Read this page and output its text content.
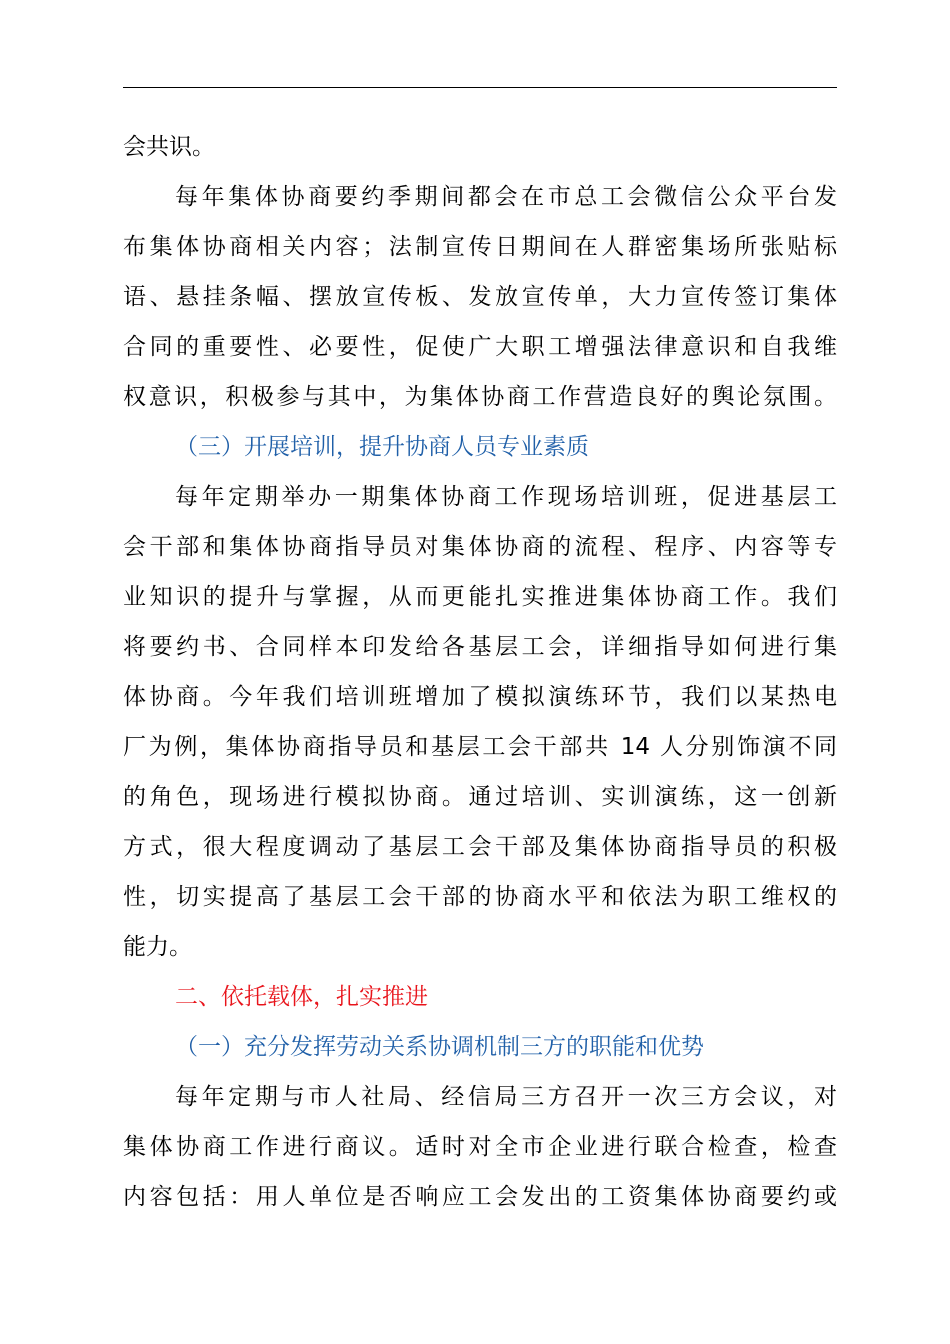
会共识。
每年集体协商要约季期间都会在市总工会微信公众平台发
布集体协商相关内容；法制宣传日期间在人群密集场所张贴标
语、悬挂条幅、摆放宣传板、发放宣传单，大力宣传签订集体
合同的重要性、必要性，促使广大职工增强法律意识和自我维
权意识，积极参与其中，为集体协商工作营造良好的舆论氛围。
（三）开展培训，提升协商人员专业素质
每年定期举办一期集体协商工作现场培训班，促进基层工
会干部和集体协商指导员对集体协商的流程、程序、内容等专
业知识的提升与掌握，从而更能扎实推进集体协商工作。我们
将要约书、合同样本印发给各基层工会，详细指导如何进行集
体协商。今年我们培训班增加了模拟演练环节，我们以某热电
厂为例，集体协商指导员和基层工会干部共 14 人分别饰演不同
的角色，现场进行模拟协商。通过培训、实训演练，这一创新
方式，很大程度调动了基层工会干部及集体协商指导员的积极
性，切实提高了基层工会干部的协商水平和依法为职工维权的
能力。
二、依托载体，扎实推进
（一）充分发挥劳动关系协调机制三方的职能和优势
每年定期与市人社局、经信局三方召开一次三方会议，对
集体协商工作进行商议。适时对全市企业进行联合检查，检查
内容包括：用人单位是否响应工会发出的工资集体协商要约或
